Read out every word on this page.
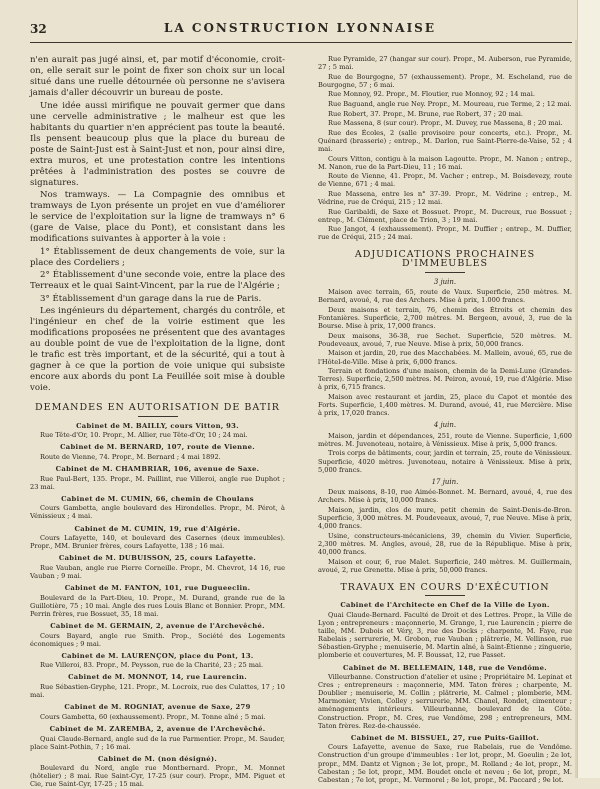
32	LA CONSTRUCTION LYONNAISE

n'en aurait pas jugé ainsi, et, par motif d'économie, croit-on, elle serait sur le point de fixer son choix sur un local situé dans une ruelle détournée où personne ne s'avisera jamais d'aller découvrir un bureau de poste.

Une idée aussi mirifique ne pouvait germer que dans une cervelle administrative ; le malheur est que les habitants du quartier n'en apprécient pas toute la beauté. Ils pensent beaucoup plus que la place du bureau de poste de Saint-Just est à Saint-Just et non, pour ainsi dire, extra muros, et une protestation contre les intentions prêtées à l'administration des postes se couvre de signatures.

Nos tramways. — La Compagnie des omnibus et tramways de Lyon présente un projet en vue d'améliorer le service de l'exploitation sur la ligne de tramways n° 6 (gare de Vaise, place du Pont), et consistant dans les modifications suivantes à apporter à la voie :

1° Établissement de deux changements de voie, sur la place des Cordeliers ;

2° Établissement d'une seconde voie, entre la place des Terreaux et le quai Saint-Vincent, par la rue de l'Algérie ;

3° Établissement d'un garage dans la rue de Paris.

Les ingénieurs du département, chargés du contrôle, et l'ingénieur en chef de la voirie estiment que les modifications proposées ne présentent que des avantages au double point de vue de l'exploitation de la ligne, dont le trafic est très important, et de la sécurité, qui a tout à gagner à ce que la portion de voie unique qui subsiste encore aux abords du pont La Feuillée soit mise à double voie.

DEMANDES EN AUTORISATION DE BATIR
Cabinet de M. BAILLY, cours Vitton, 93.

Rue Tête-d'Or, 10. Propr., M. Allier, rue Tête-d'Or, 10 ; 24 mai.

Cabinet de M. BERNARD, 107, route de Vienne.

Route de Vienne, 74. Propr., M. Bernard ; 4 mai 1892.

Cabinet de M. CHAMBRIAR, 106, avenue de Saxe.

Rue Paul-Bert, 135. Propr., M. Paillint, rue Villeroi, angle rue Duphot ; 23 mai.

Cabinet de M. CUMIN, 66, chemin de Choulans

Cours Gambetta, angle boulevard des Hirondelles. Propr., M. Pérot, à Vénissieux ; 4 mai.

Cabinet de M. CUMIN, 19, rue d'Algérie.

Cours Lafayette, 140, et boulevard des Casernes (deux immeubles). Propr., MM. Brunier frères, cours Lafayette, 138 ; 16 mai.

Cabinet de M. DUBUISSON, 25, cours Lafayette.

Rue Vauban, angle rue Pierre Corneille. Propr., M. Chevrot, 14 16, rue Vauban ; 9 mai.

Cabinet de M. FANTON, 101, rue Dugueeclin.

Boulevard de la Part-Dieu, 10. Propr., M. Durand, grande rue de la Guillotière, 75 ; 10 mai. Angle des rues Louis Blanc et Bonnier. Propr., MM. Perrin frères, rue Bossuet, 35, 18 mai.

Cabinet de M. GERMAIN, 2, avenue de l'Archevêché.

Cours Bayard, angle rue Smith. Prop., Société des Logements économiques ; 9 mai.

Cabinet de M. LAURENÇON, place du Pont, 13.

Rue Villeroi, 83. Propr., M. Peysson, rue de la Charité, 23 ; 25 mai.

Cabinet de M. MONNOT, 14, rue Laurencin.

Rue Sébastien-Gryphe, 121. Propr., M. Locroix, rue des Culattes, 17 ; 10 mai.

Cabinet de M. ROGNIAT, avenue de Saxe, 279

Cours Gambetta, 60 (exhaussement). Propr., M. Tonne aîné ; 5 mai.

Cabinet de M. ZAREMBA, 2, avenue de l'Archevêché.

Quai Claude-Bernard, angle sud de la rue Parmentier. Propr., M. Sauder, place Saint-Pothin, 7 ; 16 mai.

Cabinet de M. (non désigné).

Boulevard du Nord, angle rue Montbernard. Propr., M. Monnet (hôtelier) ; 8 mai. Rue Saint-Cyr, 17-25 (sur cour). Propr., MM. Piguet et Cie, rue Saint-Cyr, 17-25 ; 15 mai.

Rue Pyramide, 27 (hangar sur cour). Propr., M. Auberson, rue Pyramide, 27 ; 5 mai.

Rue de Bourgogne, 57 (exhaussement). Propr., M. Escheland, rue de Bourgogne, 57 ; 6 mai.

Rue Monnoy, 92. Propr., M. Floutier, rue Monnoy, 92 ; 14 mai.

Rue Baguand, angle rue Ney. Propr., M. Moureau, rue Terme, 2 ; 12 mai.

Rue Robert, 37. Propr., M. Brune, rue Robert, 37 ; 20 mai.

Rue Massena, 8 (sur cour). Propr., M. Duvey, rue Massena, 8 ; 20 mai.

Rue des Écoles, 2 (salle provisoire pour concerts, etc.). Propr., M. Quénard (brasserie) ; entrep., M. Darlon, rue Saint-Pierre-de-Vaise, 52 ; 4 mai.

Cours Vitton, contigu à la maison Lagoutte. Propr., M. Nanon ; entrep., M. Nanon, rue de la Part-Dieu, 11 ; 16 mai.

Route de Vienne, 41. Propr., M. Vacher ; entrep., M. Boisdevezy, route de Vienne, 671 ; 4 mai.

Rue Massena, entre les n° 37-39. Propr., M. Védrine ; entrep., M. Védrine, rue de Créqui, 215 ; 12 mai.

Rue Garibaldi, de Saxe et Bossuet. Propr., M. Ducreux, rue Bossuet ; entrep., M. Clément, place de Trion, 3 ; 19 mai.

Rue Jangot, 4 (exhaussement). Propr., M. Duffier ; entrep., M. Duffier, rue de Créqui, 215 ; 24 mai.

ADJUDICATIONS PROCHAINES D'IMMEUBLES
3 juin.

Maison avec terrain, 65, route de Vaux. Superficie, 250 mètres. M. Bernard, avoué, 4, rue des Archers. Mise à prix, 1.000 francs.

Deux maisons et terrain, 76, chemin des Étroits et chemin des Fontanières. Superficie, 2,700 mètres. M. Bergeon, avoué, 3, rue de la Bourse. Mise à prix, 17,000 francs.

Deux maisons, 36-38, rue Sechet. Superficie, 520 mètres. M. Poudeveaux, avoué, 7, rue Neuve. Mise à prix, 50,000 francs.

Maison et jardin, 20, rue des Macchabées. M. Mallein, avoué, 65, rue de l'Hôtel-de-Ville. Mise à prix, 6,000 francs.

Terrain et fondations d'une maison, chemin de la Demi-Lune (Grandes-Terres). Superficie, 2,500 mètres. M. Peiron, avoué, 19, rue d'Algérie. Mise à prix, 6,715 francs.

Maison avec restaurant et jardin, 25, place du Capot et montée des Forts. Superficie, 1,400 mètres. M. Durand, avoué, 41, rue Mercière. Mise à prix, 17,020 francs.

4 juin.

Maison, jardin et dépendances, 251, route de Vienne. Superficie, 1,600 mètres. M. Juvenoteau, notaire, à Vénissieux. Mise à prix, 5,000 francs.

Trois corps de bâtiments, cour, jardin et terrain, 25, route de Vénissieux. Superficie, 4020 mètres. Juvenoteau, notaire à Vénissieux. Mise à prix, 5,000 francs.

17 juin.

Deux maisons, 8-10, rue Aimée-Bonnet. M. Bernard, avoué, 4, rue des Archers. Mise à prix, 10,000 francs.

Maison, jardin, clos de mure, petit chemin de Saint-Denis-de-Bron. Superficie, 3,000 mètres. M. Poudeveaux, avoué, 7, rue Neuve. Mise à prix, 4,000 francs.

Usine, constructeurs-mécaniciens, 39, chemin du Vivier. Superficie, 2,300 mètres. M. Angles, avoué, 28, rue de la République. Mise à prix, 40,000 francs.

Maison et cour, 6, rue Malet. Superficie, 240 mètres. M. Guillermain, avoué, 2, rue Grenette. Mise à prix, 50,000 francs.

TRAVAUX EN COURS D'EXÉCUTION
Cabinet de l'Architecte en Chef de la Ville de Lyon.

Quai Claude-Bernard. Faculté de Droit et des Lettres. Propr., la Ville de Lyon ; entrepreneurs : maçonnerie, M. Grange, 1, rue Laurencin ; pierre de taille, MM. Dubois et Véry, 3, rue des Docks ; charpente, M. Faye, rue Rabelais ; serrurerie, M. Grobon, rue Vauban ; plâtrerie, M. Vellinson, rue Sébastien-Gryphe ; menuiserie, M. Martin aîné, à Saint-Étienne ; zinguerie, plomberie et couvertures, M. F. Boussat, 12, rue Passet.

Cabinet de M. BELLEMAIN, 148, rue de Vendôme.

Villeurbanne. Construction d'atelier et usine ; Propriétaire M. Lepinat et Cres ; entrepreneurs : maçonnerie, MM. Taton frères ; charpente, M. Doublier ; menuiserie, M. Collin ; plâtrerie, M. Calmel ; plomberie, MM. Marmonier, Vivien, Colley ; serrurerie, MM. Chanel, Rondet, cimenteur ; aménagements intérieurs. Villeurbanne, boulevard de la Côte. Construction. Propr., M. Cres, rue Vendôme, 298 ; entrepreneurs, MM. Taton frères. Rez-de-chaussée.

Cabinet de M. BISSUEL, 27, rue Puits-Gaillot.

Cours Lafayette, avenue de Saxe, rue Rabelais, rue de Vendôme. Construction d'un groupe d'immeubles : 1er lot, propr., M. Goeulin ; 2e lot, propr., MM. Dantz et Vignon ; 3e lot, propr., M. Rolland ; 4e lot, propr., M. Cabestan ; 5e lot, propr., MM. Boudet oncle et neveu ; 6e lot, propr., M. Cabestan ; 7e lot, propr., M. Vermorel ; 8e lot, propr., M. Paccard ; 9e lot.
